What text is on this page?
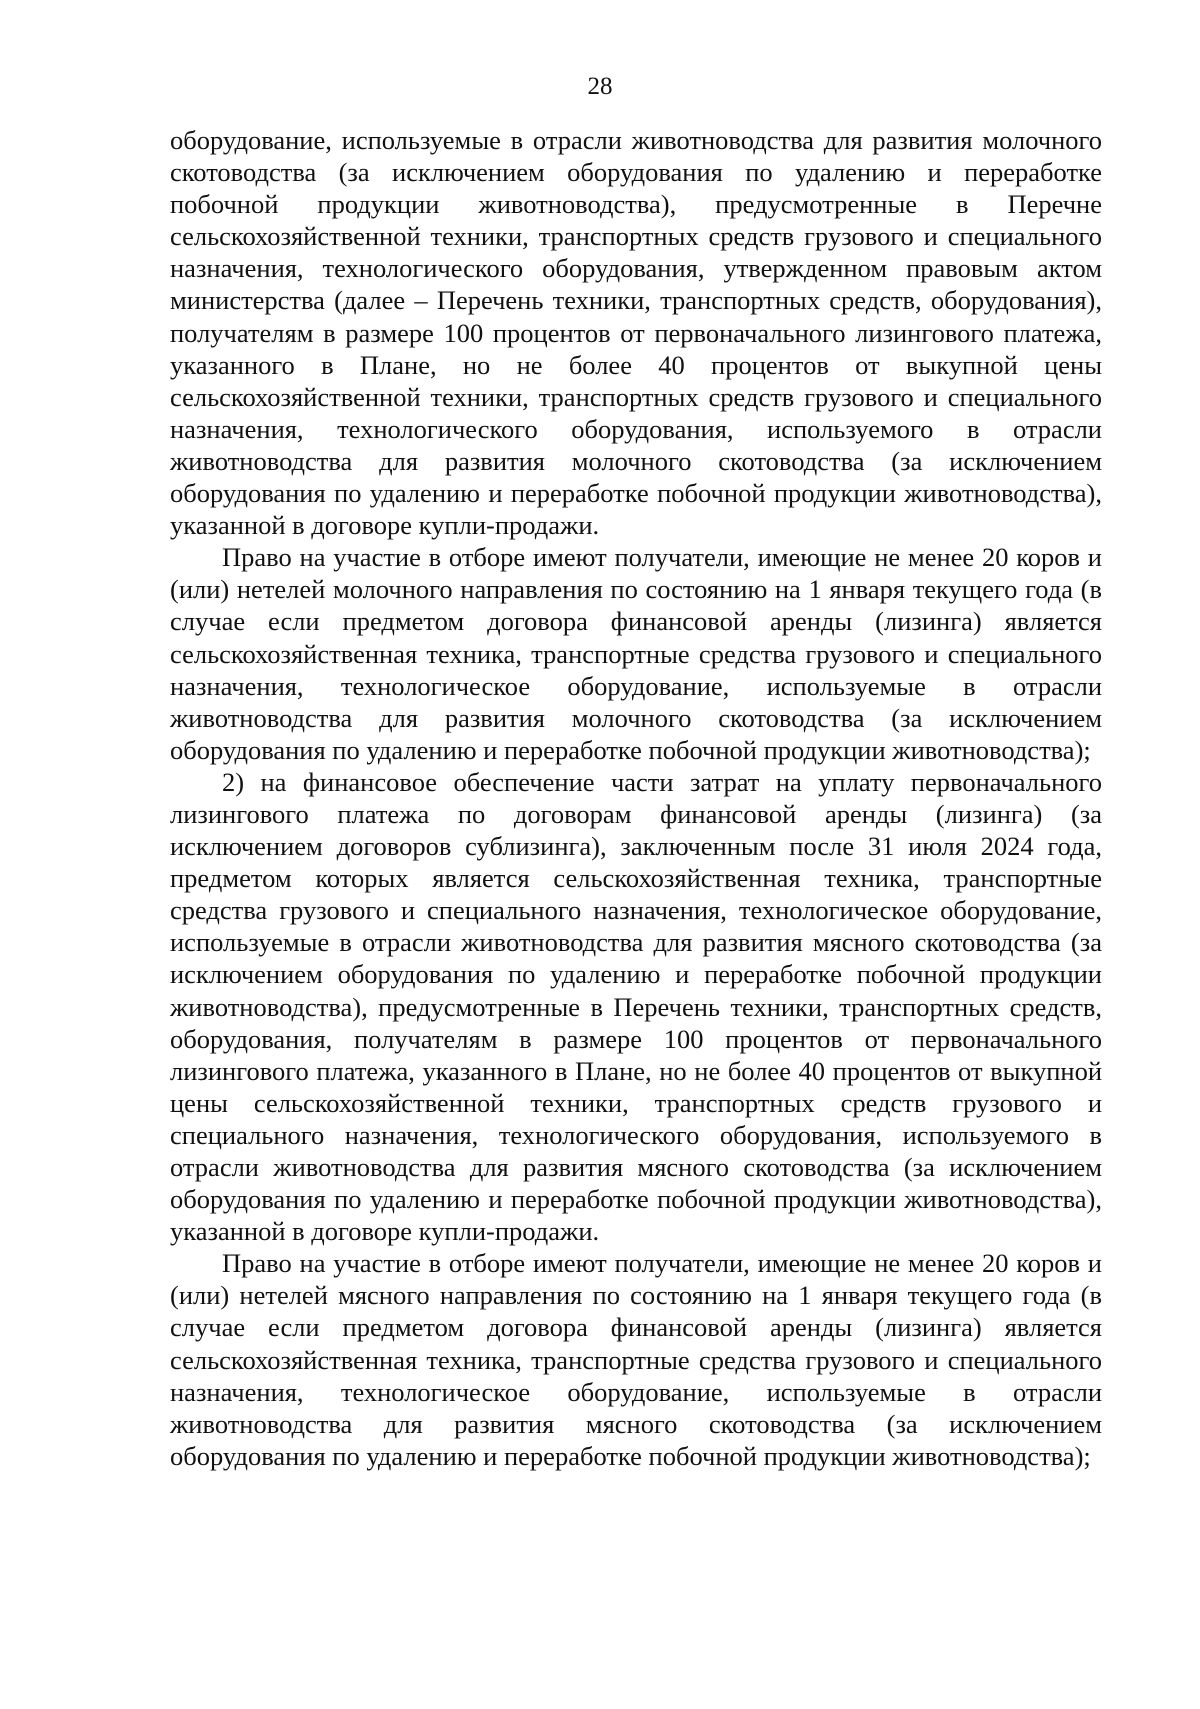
28

оборудование, используемые в отрасли животноводства для развития молочного скотоводства (за исключением оборудования по удалению и переработке побочной продукции животноводства), предусмотренные в Перечне сельскохозяйственной техники, транспортных средств грузового и специального назначения, технологического оборудования, утвержденном правовым актом министерства (далее – Перечень техники, транспортных средств, оборудования), получателям в размере 100 процентов от первоначального лизингового платежа, указанного в Плане, но не более 40 процентов от выкупной цены сельскохозяйственной техники, транспортных средств грузового и специального назначения, технологического оборудования, используемого в отрасли животноводства для развития молочного скотоводства (за исключением оборудования по удалению и переработке побочной продукции животноводства), указанной в договоре купли-продажи.

Право на участие в отборе имеют получатели, имеющие не менее 20 коров и (или) нетелей молочного направления по состоянию на 1 января текущего года (в случае если предметом договора финансовой аренды (лизинга) является сельскохозяйственная техника, транспортные средства грузового и специального назначения, технологическое оборудование, используемые в отрасли животноводства для развития молочного скотоводства (за исключением оборудования по удалению и переработке побочной продукции животноводства);

2) на финансовое обеспечение части затрат на уплату первоначального лизингового платежа по договорам финансовой аренды (лизинга) (за исключением договоров сублизинга), заключенным после 31 июля 2024 года, предметом которых является сельскохозяйственная техника, транспортные средства грузового и специального назначения, технологическое оборудование, используемые в отрасли животноводства для развития мясного скотоводства (за исключением оборудования по удалению и переработке побочной продукции животноводства), предусмотренные в Перечень техники, транспортных средств, оборудования, получателям в размере 100 процентов от первоначального лизингового платежа, указанного в Плане, но не более 40 процентов от выкупной цены сельскохозяйственной техники, транспортных средств грузового и специального назначения, технологического оборудования, используемого в отрасли животноводства для развития мясного скотоводства (за исключением оборудования по удалению и переработке побочной продукции животноводства), указанной в договоре купли-продажи.

Право на участие в отборе имеют получатели, имеющие не менее 20 коров и (или) нетелей мясного направления по состоянию на 1 января текущего года (в случае если предметом договора финансовой аренды (лизинга) является сельскохозяйственная техника, транспортные средства грузового и специального назначения, технологическое оборудование, используемые в отрасли животноводства для развития мясного скотоводства (за исключением оборудования по удалению и переработке побочной продукции животноводства);
